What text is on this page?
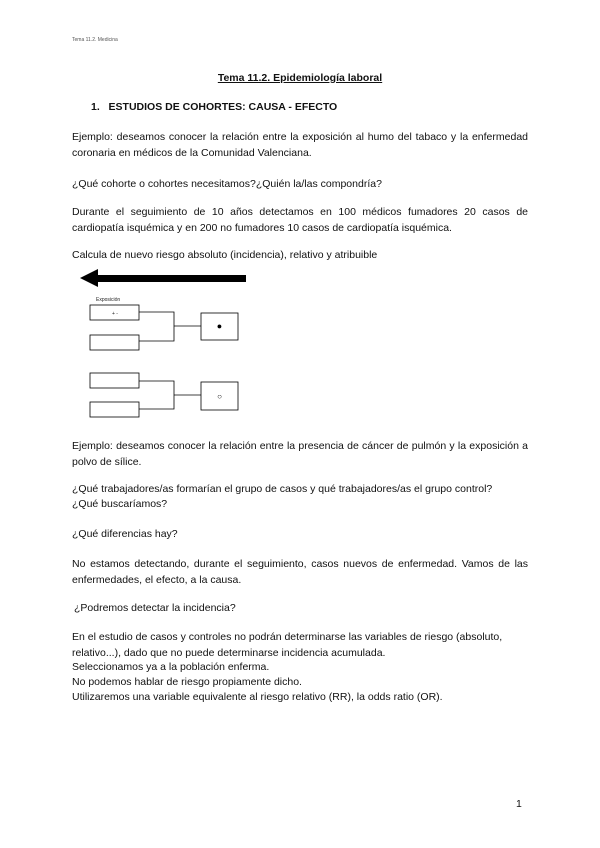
Tema 11.2. Medicina
Tema 11.2. Epidemiología laboral
1. ESTUDIOS DE COHORTES: CAUSA - EFECTO
Ejemplo: deseamos conocer la relación entre la exposición al humo del tabaco y la enfermedad coronaria en médicos de la Comunidad Valenciana.
¿Qué cohorte o cohortes necesitamos?¿Quién la/las compondría?
Durante el seguimiento de 10 años detectamos en 100 médicos fumadores 20 casos de cardiopatía isquémica y en 200 no fumadores 10 casos de cardiopatía isquémica.
Calcula de nuevo riesgo absoluto (incidencia), relativo y atribuible
Exposición
+ -
●
○
Ejemplo: deseamos conocer la relación entre la presencia de cáncer de pulmón y la exposición a polvo de sílice.
¿Qué trabajadores/as formarían el grupo de casos y qué trabajadores/as el grupo control?
¿Qué buscaríamos?
¿Qué diferencias hay?
No estamos detectando, durante el seguimiento, casos nuevos de enfermedad. Vamos de las enfermedades, el efecto, a la causa.
¿Podremos detectar la incidencia?
En el estudio de casos y controles no podrán determinarse las variables de riesgo (absoluto, relativo...), dado que no puede determinarse incidencia acumulada.
Seleccionamos ya a la población enferma.
No podemos hablar de riesgo propiamente dicho.
Utilizaremos una variable equivalente al riesgo relativo (RR), la odds ratio (OR).
1
